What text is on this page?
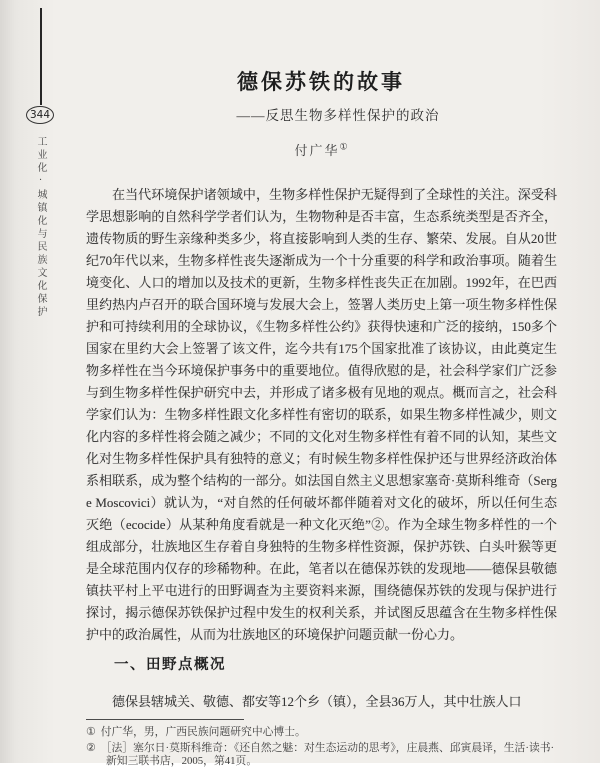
344
工业化·城镇化与民族文化保护
德保苏铁的故事
——反思生物多样性保护的政治
付广华①

在当代环境保护诸领域中，生物多样性保护无疑得到了全球性的关注。深受科学思想影响的自然科学学者们认为，生物物种是否丰富，生态系统类型是否齐全，遗传物质的野生亲缘种类多少，将直接影响到人类的生存、繁荣、发展。自从20世纪70年代以来，生物多样性丧失逐渐成为一个十分重要的科学和政治事项。随着生境变化、人口的增加以及技术的更新，生物多样性丧失正在加剧。1992年，在巴西里约热内卢召开的联合国环境与发展大会上，签署人类历史上第一项生物多样性保护和可持续利用的全球协议，《生物多样性公约》获得快速和广泛的接纳，150多个国家在里约大会上签署了该文件，迄今共有175个国家批准了该协议，由此奠定生物多样性在当今环境保护事务中的重要地位。值得欣慰的是，社会科学家们广泛参与到生物多样性保护研究中去，并形成了诸多极有见地的观点。概而言之，社会科学家们认为：生物多样性跟文化多样性有密切的联系，如果生物多样性减少，则文化内容的多样性将会随之减少；不同的文化对生物多样性有着不同的认知，某些文化对生物多样性保护具有独特的意义；有时候生物多样性保护还与世界经济政治体系相联系，成为整个结构的一部分。如法国自然主义思想家塞奇·莫斯科维奇（Serge Moscovici）就认为，“对自然的任何破坏都伴随着对文化的破坏，所以任何生态灭绝（ecocide）从某种角度看就是一种文化灭绝”②。作为全球生物多样性的一个组成部分，壮族地区生存着自身独特的生物多样性资源，保护苏铁、白头叶猴等更是全球范围内仅存的珍稀物种。在此，笔者以在德保苏铁的发现地——德保县敬德镇扶平村上平屯进行的田野调查为主要资料来源，围绕德保苏铁的发现与保护进行探讨，揭示德保苏铁保护过程中发生的权利关系，并试图反思蕴含在生物多样性保护中的政治属性，从而为壮族地区的环境保护问题贡献一份心力。

一、田野点概况

德保县辖城关、敬德、都安等12个乡（镇），全县36万人，其中壮族人口

① 付广华，男，广西民族问题研究中心博士。
② ［法］塞尔日·莫斯科维奇：《还自然之魅：对生态运动的思考》，庄晨燕、邱寅晨译，生活·读书·新知三联书店，2005，第41页。
